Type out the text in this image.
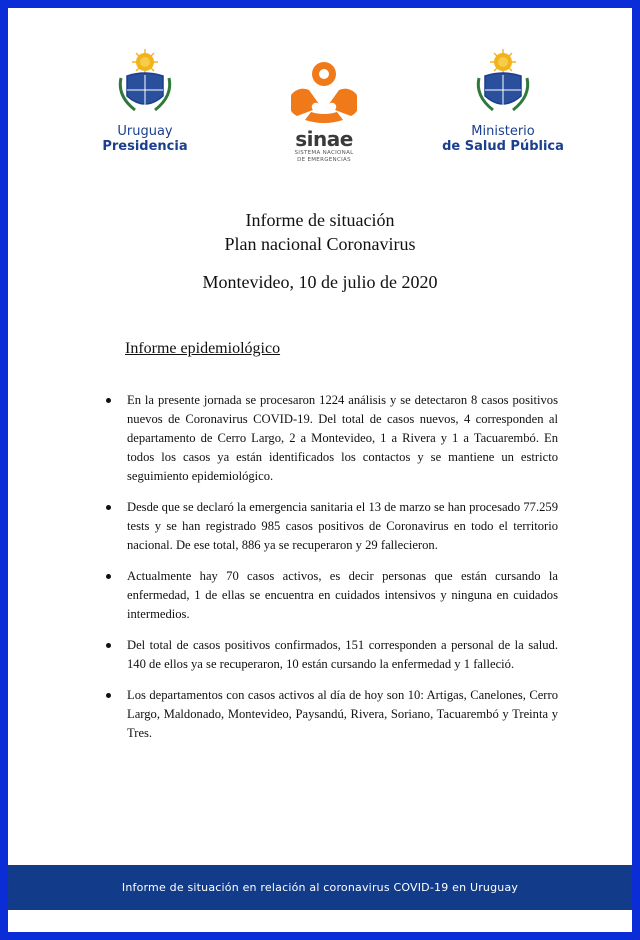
Uruguay
Presidencia	sinae
SISTEMA NACIONAL
DE EMERGENCIAS
Ministerio
de Salud Pública
Informe de situación
Plan nacional Coronavirus
Montevideo, 10 de julio de 2020
Informe epidemiológico
En la presente jornada se procesaron 1224 análisis y se detectaron 8 casos positivos nuevos de Coronavirus COVID-19. Del total de casos nuevos, 4 corresponden al departamento de Cerro Largo, 2 a Montevideo, 1 a Rivera y 1 a Tacuarembó. En todos los casos ya están identificados los contactos y se mantiene un estricto seguimiento epidemiológico.
Desde que se declaró la emergencia sanitaria el 13 de marzo se han procesado 77.259 tests y se han registrado 985 casos positivos de Coronavirus en todo el territorio nacional. De ese total, 886 ya se recuperaron y 29 fallecieron.
Actualmente hay 70 casos activos, es decir personas que están cursando la enfermedad, 1 de ellas se encuentra en cuidados intensivos y ninguna en cuidados intermedios.
Del total de casos positivos confirmados, 151 corresponden a personal de la salud. 140 de ellos ya se recuperaron, 10 están cursando la enfermedad y 1 falleció.
Los departamentos con casos activos al día de hoy son 10: Artigas, Canelones, Cerro Largo, Maldonado, Montevideo, Paysandú, Rivera, Soriano, Tacuarembó y Treinta y Tres.
Informe de situación en relación al coronavirus COVID-19 en Uruguay
